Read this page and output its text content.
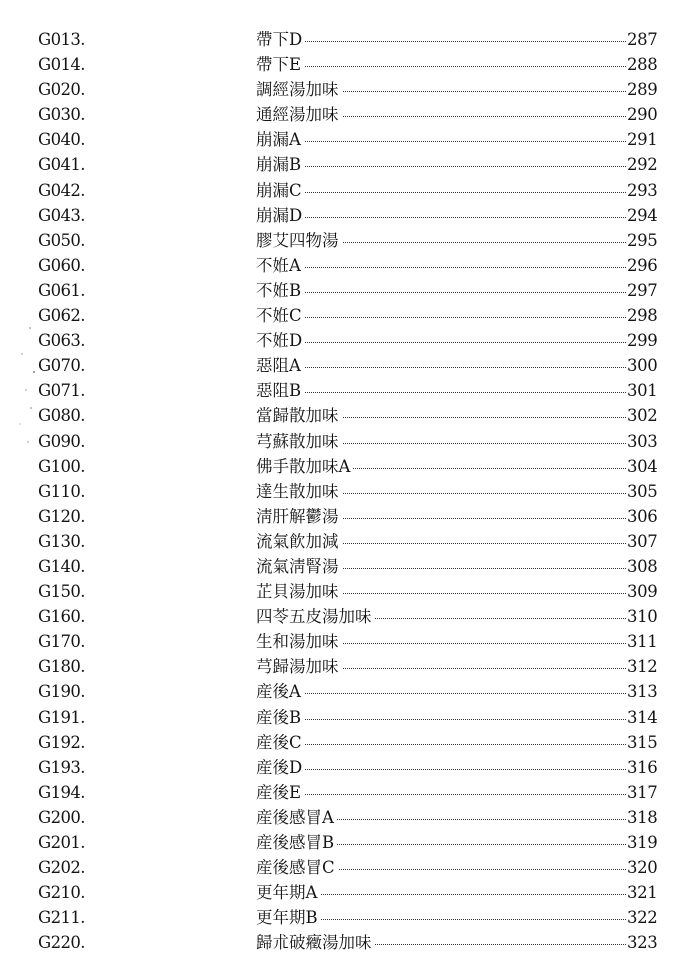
G013.	帶下D	287
G014.	帶下E	288
G020.	調經湯加味	289
G030.	通經湯加味	290
G040.	崩漏A	291
G041.	崩漏B	292
G042.	崩漏C	293
G043.	崩漏D	294
G050.	膠艾四物湯	295
G060.	不姙A	296
G061.	不姙B	297
G062.	不姙C	298
G063.	不姙D	299
G070.	惡阻A	300
G071.	惡阻B	301
G080.	當歸散加味	302
G090.	芎蘇散加味	303
G100.	佛手散加味A	304
G110.	達生散加味	305
G120.	淸肝解鬱湯	306
G130.	流氣飮加減	307
G140.	流氣淸腎湯	308
G150.	芷貝湯加味	309
G160.	四苓五皮湯加味	310
G170.	生和湯加味	311
G180.	芎歸湯加味	312
G190.	産後A	313
G191.	産後B	314
G192.	産後C	315
G193.	産後D	316
G194.	産後E	317
G200.	産後感冒A	318
G201.	産後感冒B	319
G202.	産後感冒C	320
G210.	更年期A	321
G211.	更年期B	322
G220.	歸朮破癥湯加味	323
